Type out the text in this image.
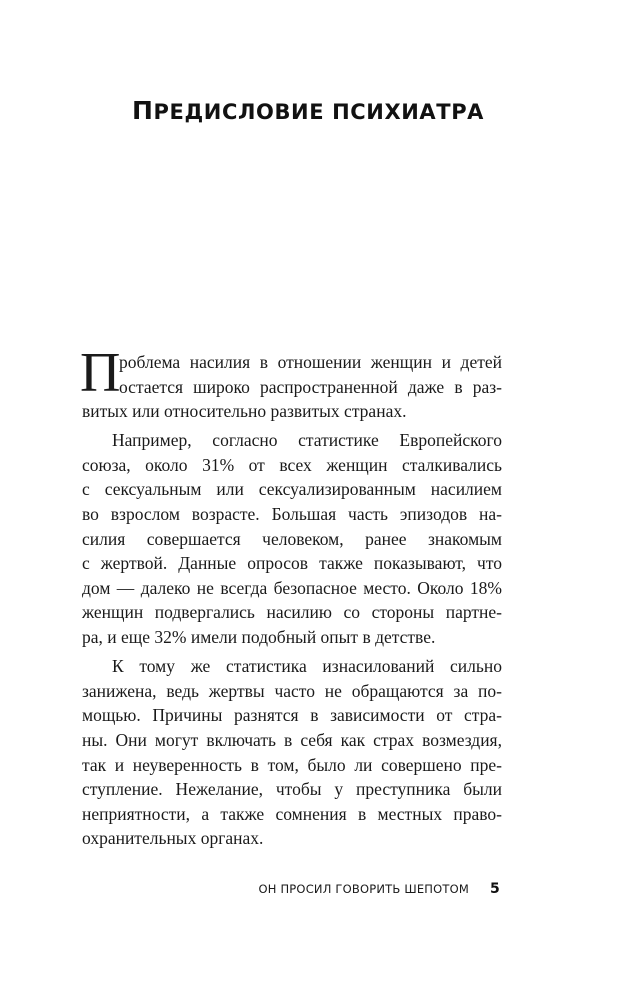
ПРЕДИСЛОВИЕ ПСИХИАТРА
П
роблема насилия в отношении женщин и детей
остается широко распространенной даже в раз-
витых или относительно развитых странах.
Например, согласно статистике Европейского
союза, около 31% от всех женщин сталкивались
с сексуальным или сексуализированным насилием
во взрослом возрасте. Большая часть эпизодов на-
силия совершается человеком, ранее знакомым
с жертвой. Данные опросов также показывают, что
дом — далеко не всегда безопасное место. Около 18%
женщин подвергались насилию со стороны партне-
ра, и еще 32% имели подобный опыт в детстве.
К тому же статистика изнасилований сильно
занижена, ведь жертвы часто не обращаются за по-
мощью. Причины разнятся в зависимости от стра-
ны. Они могут включать в себя как страх возмездия,
так и неуверенность в том, было ли совершено пре-
ступление. Нежелание, чтобы у преступника были
неприятности, а также сомнения в местных право-
охранительных органах.
ОН ПРОСИЛ ГОВОРИТЬ ШЕПОТОМ 5
